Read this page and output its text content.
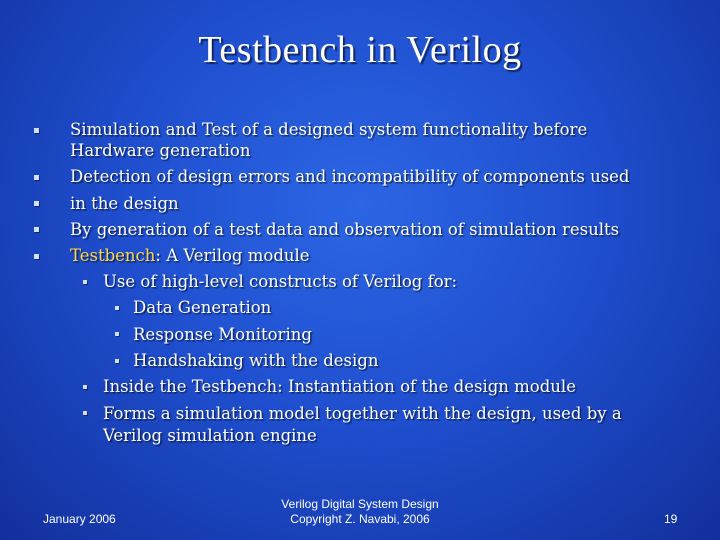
Testbench in Verilog
Simulation and Test of a designed system functionality before
Hardware generation
Detection of design errors and incompatibility of components used
in the design
By generation of a test data and observation of simulation results
Testbench: A Verilog module
Use of high-level constructs of Verilog for:
Data Generation
Response Monitoring
Handshaking with the design
Inside the Testbench: Instantiation of the design module
Forms a simulation model together with the design, used by a
Verilog simulation engine
January 2006
Verilog Digital System Design
Copyright Z. Navabi, 2006	19
